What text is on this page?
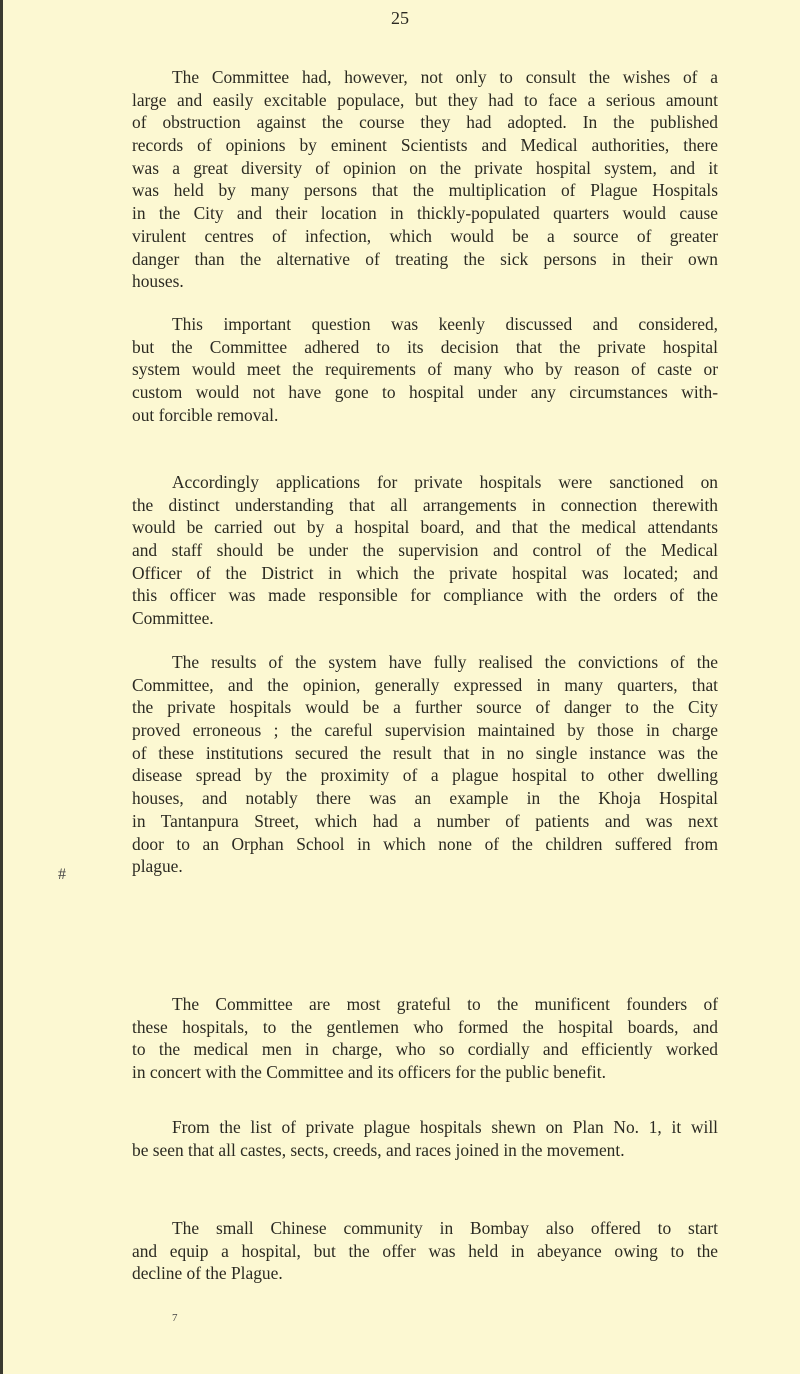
25
The Committee had, however, not only to consult the wishes of a
large and easily excitable populace, but they had to face a serious amount
of obstruction against the course they had adopted. In the published
records of opinions by eminent Scientists and Medical authorities, there
was a great diversity of opinion on the private hospital system, and it
was held by many persons that the multiplication of Plague Hospitals
in the City and their location in thickly-populated quarters would cause
virulent centres of infection, which would be a source of greater
danger than the alternative of treating the sick persons in their own
houses.
This important question was keenly discussed and considered,
but the Committee adhered to its decision that the private hospital
system would meet the requirements of many who by reason of caste or
custom would not have gone to hospital under any circumstances with-
out forcible removal.
Accordingly applications for private hospitals were sanctioned on
the distinct understanding that all arrangements in connection therewith
would be carried out by a hospital board, and that the medical attendants
and staff should be under the supervision and control of the Medical
Officer of the District in which the private hospital was located; and
this officer was made responsible for compliance with the orders of the
Committee.
The results of the system have fully realised the convictions of the
Committee, and the opinion, generally expressed in many quarters, that
the private hospitals would be a further source of danger to the City
proved erroneous ; the careful supervision maintained by those in charge
of these institutions secured the result that in no single instance was the
disease spread by the proximity of a plague hospital to other dwelling
houses, and notably there was an example in the Khoja Hospital
in Tantanpura Street, which had a number of patients and was next
door to an Orphan School in which none of the children suffered from
plague.
The Committee are most grateful to the munificent founders of
these hospitals, to the gentlemen who formed the hospital boards, and
to the medical men in charge, who so cordially and efficiently worked
in concert with the Committee and its officers for the public benefit.
From the list of private plague hospitals shewn on Plan No. 1, it will
be seen that all castes, sects, creeds, and races joined in the movement.
The small Chinese community in Bombay also offered to start
and equip a hospital, but the offer was held in abeyance owing to the
decline of the Plague.
#
7
